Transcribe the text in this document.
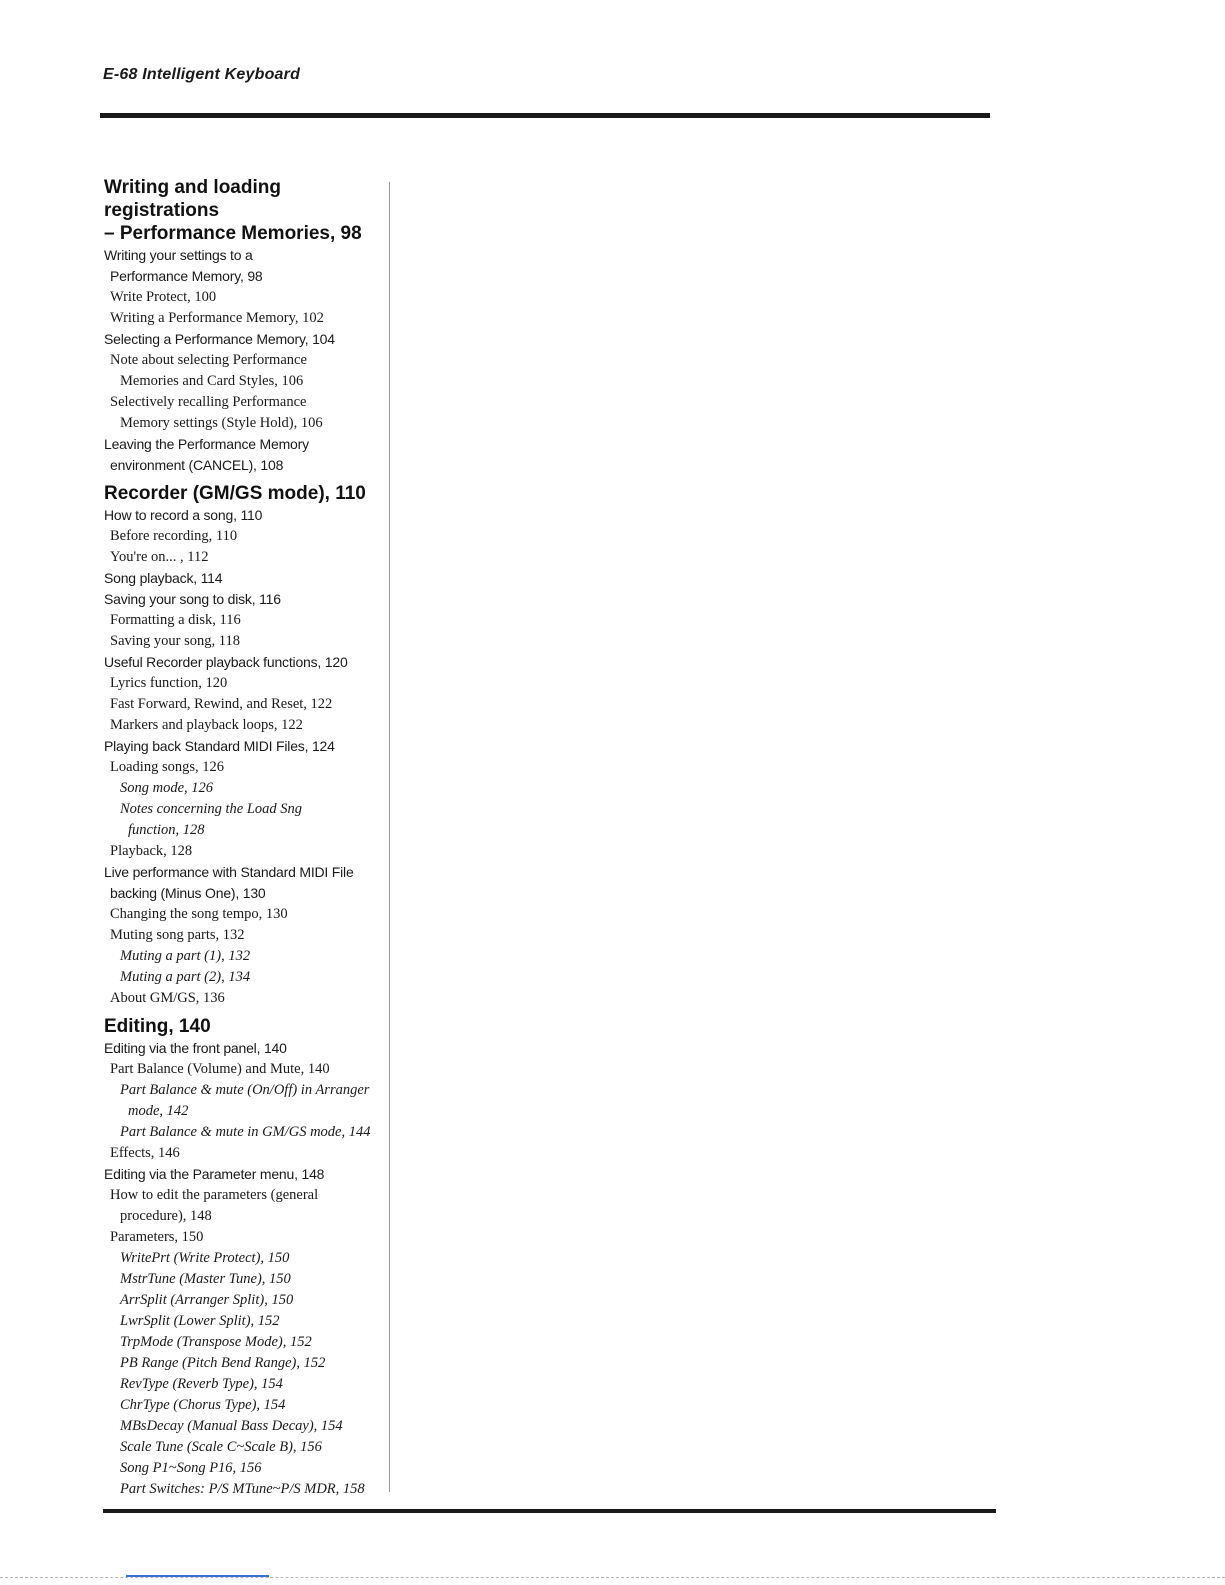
E-68 Intelligent Keyboard
Writing and loading registrations
– Performance Memories, 98
Writing your settings to a
Performance Memory, 98
Write Protect, 100
Writing a Performance Memory, 102
Selecting a Performance Memory, 104
Note about selecting Performance
Memories and Card Styles, 106
Selectively recalling Performance
Memory settings (Style Hold), 106
Leaving the Performance Memory
environment (CANCEL), 108
Recorder (GM/GS mode), 110
How to record a song, 110
Before recording, 110
You're on... , 112
Song playback, 114
Saving your song to disk, 116
Formatting a disk, 116
Saving your song, 118
Useful Recorder playback functions, 120
Lyrics function, 120
Fast Forward, Rewind, and Reset, 122
Markers and playback loops, 122
Playing back Standard MIDI Files, 124
Loading songs, 126
Song mode, 126
Notes concerning the Load Sng
function, 128
Playback, 128
Live performance with Standard MIDI File
backing (Minus One), 130
Changing the song tempo, 130
Muting song parts, 132
Muting a part (1), 132
Muting a part (2), 134
About GM/GS, 136
Editing, 140
Editing via the front panel, 140
Part Balance (Volume) and Mute, 140
Part Balance & mute (On/Off) in Arranger
mode, 142
Part Balance & mute in GM/GS mode, 144
Effects, 146
Editing via the Parameter menu, 148
How to edit the parameters (general
procedure), 148
Parameters, 150
WritePrt (Write Protect), 150
MstrTune (Master Tune), 150
ArrSplit (Arranger Split), 150
LwrSplit (Lower Split), 152
TrpMode (Transpose Mode), 152
PB Range (Pitch Bend Range), 152
RevType (Reverb Type), 154
ChrType (Chorus Type), 154
MBsDecay (Manual Bass Decay), 154
Scale Tune (Scale C~Scale B), 156
Song P1~Song P16, 156
Part Switches: P/S MTune~P/S MDR, 158
